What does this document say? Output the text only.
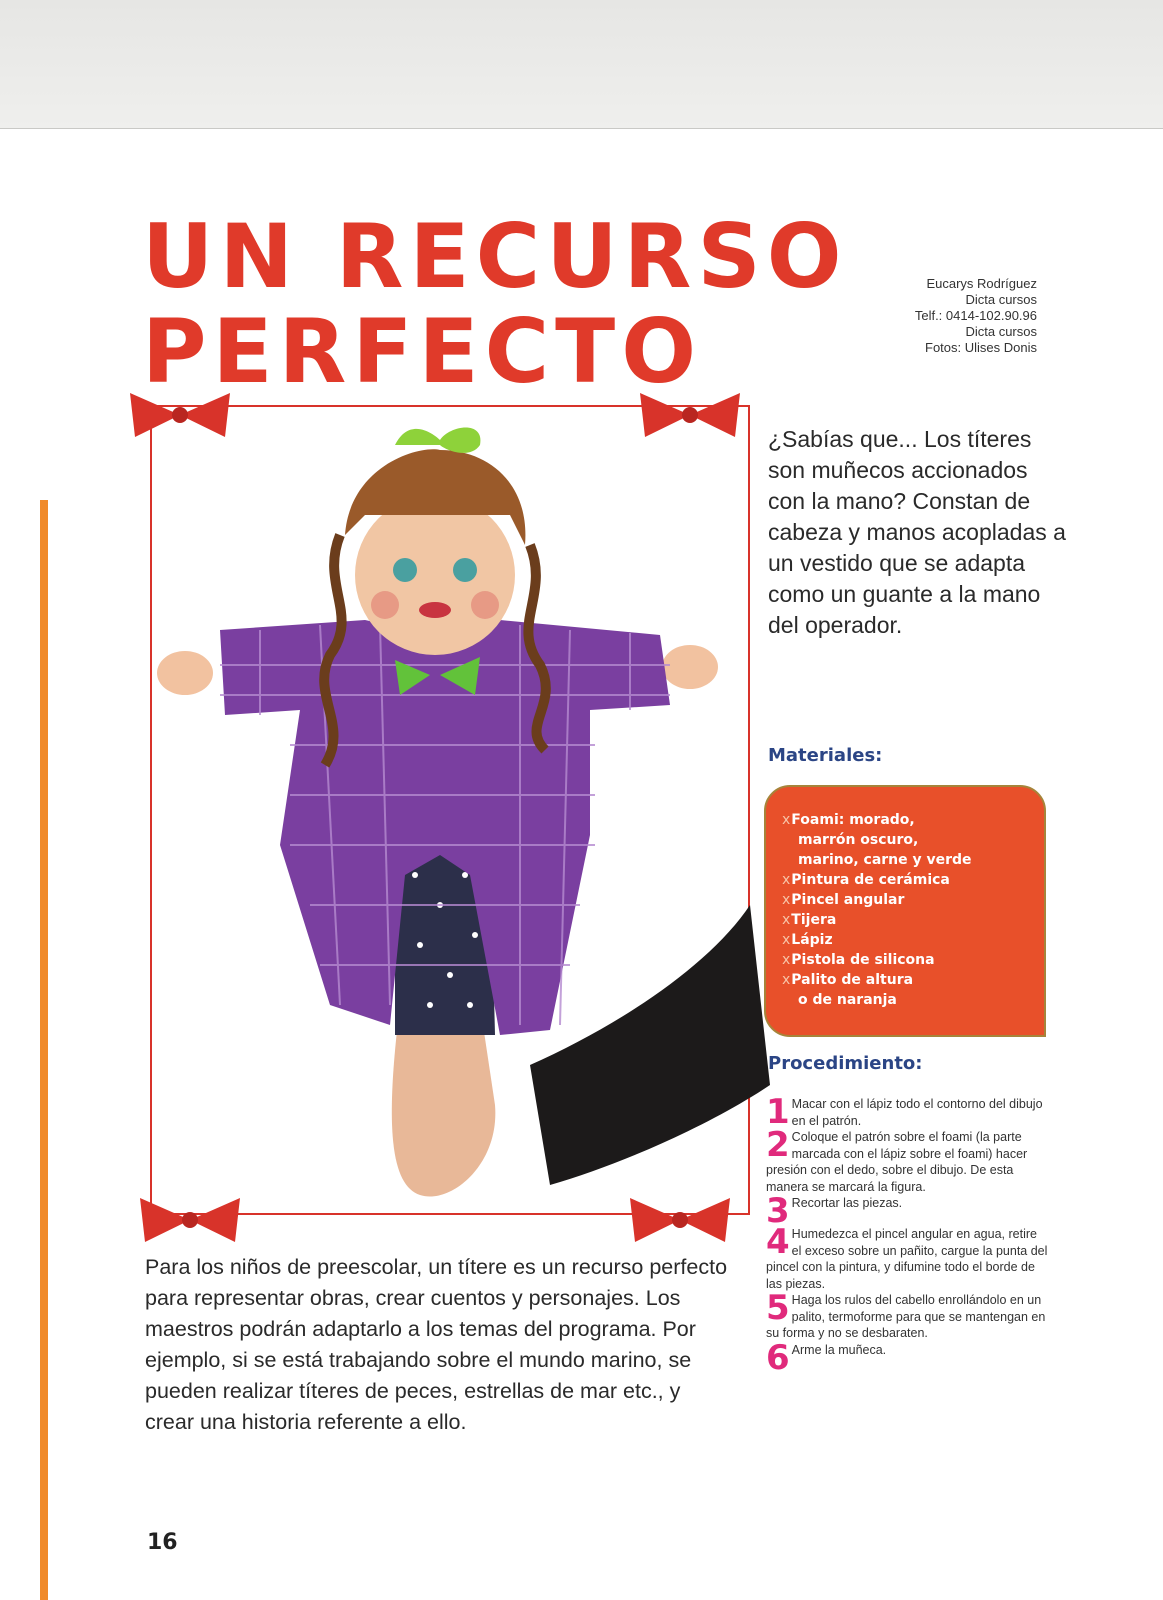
UN RECURSO
PERFECTO
Eucarys Rodríguez
Dicta cursos
Telf.: 0414-102.90.96
Dicta cursos
Fotos: Ulises Donis
¿Sabías que... Los títeres son muñecos accionados con la mano? Constan de cabeza y manos acopladas a un vestido que se adapta como un guante a la mano del operador.
Materiales:
xFoami: morado,
marrón oscuro,
marino, carne y verde
xPintura de cerámica
xPincel angular
xTijera
xLápiz
xPistola de silicona
xPalito de altura
o de naranja
Procedimiento:
1 Macar con el lápiz todo el contorno del dibujo en el patrón.
2 Coloque el patrón sobre el foami (la parte marcada con el lápiz sobre el foami) hacer presión con el dedo, sobre el dibujo. De esta manera se marcará la figura.
3 Recortar las piezas.
4 Humedezca el pincel angular en agua, retire el exceso sobre un pañito, cargue la punta del pincel con la pintura, y difumine todo el borde de las piezas.
5 Haga los rulos del cabello enrollándolo en un palito, termoforme para que se mantengan en su forma y no se desbaraten.
6 Arme la muñeca.
Para los niños de preescolar, un títere es un recurso perfecto para representar obras, crear cuentos y personajes. Los maestros podrán adaptarlo a los temas del programa. Por ejemplo, si se está trabajando sobre el mundo marino, se pueden realizar títeres de peces, estrellas de mar etc., y crear una historia referente a ello.
16
